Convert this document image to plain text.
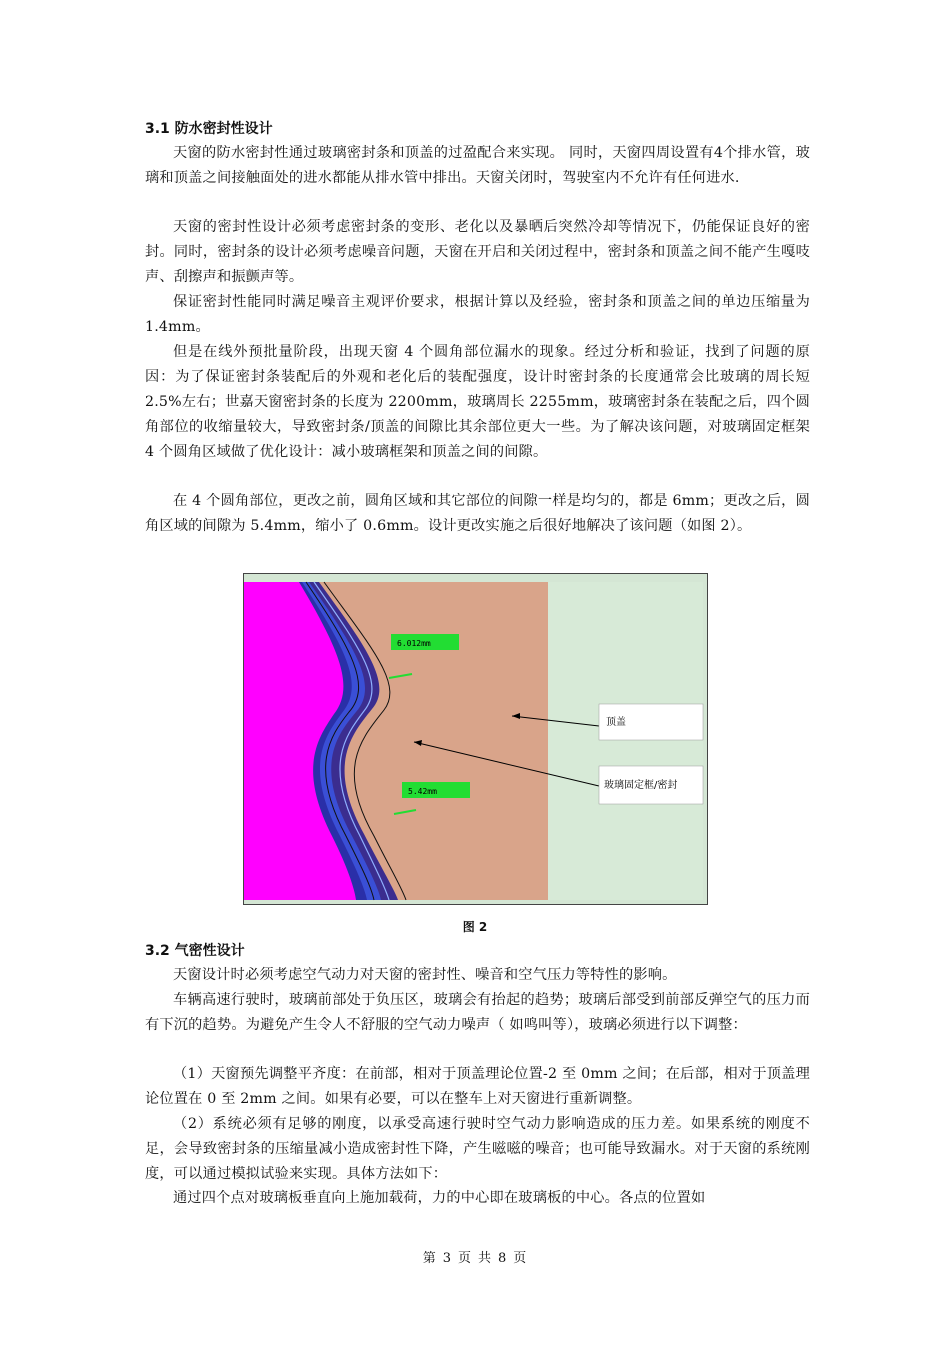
3.1 防水密封性设计
天窗的防水密封性通过玻璃密封条和顶盖的过盈配合来实现。 同时，天窗四周设置有4个排水管，玻璃和顶盖之间接触面处的进水都能从排水管中排出。天窗关闭时，驾驶室内不允许有任何进水.
天窗的密封性设计必须考虑密封条的变形、老化以及暴晒后突然冷却等情况下，仍能保证良好的密封。同时，密封条的设计必须考虑噪音问题，天窗在开启和关闭过程中，密封条和顶盖之间不能产生嘎吱声、刮擦声和振颤声等。
保证密封性能同时满足噪音主观评价要求，根据计算以及经验，密封条和顶盖之间的单边压缩量为 1.4mm。
但是在线外预批量阶段，出现天窗 4 个圆角部位漏水的现象。经过分析和验证，找到了问题的原因：为了保证密封条装配后的外观和老化后的装配强度，设计时密封条的长度通常会比玻璃的周长短 2.5%左右；世嘉天窗密封条的长度为 2200mm，玻璃周长 2255mm，玻璃密封条在装配之后，四个圆角部位的收缩量较大，导致密封条/顶盖的间隙比其余部位更大一些。为了解决该问题，对玻璃固定框架 4 个圆角区域做了优化设计：减小玻璃框架和顶盖之间的间隙。
在 4 个圆角部位，更改之前，圆角区域和其它部位的间隙一样是均匀的，都是 6mm；更改之后，圆角区域的间隙为 5.4mm，缩小了 0.6mm。设计更改实施之后很好地解决了该问题（如图 2）。
6.012mm
5.42mm
顶盖
玻璃固定框/密封
图 2
3.2 气密性设计
天窗设计时必须考虑空气动力对天窗的密封性、噪音和空气压力等特性的影响。
车辆高速行驶时，玻璃前部处于负压区，玻璃会有抬起的趋势；玻璃后部受到前部反弹空气的压力而有下沉的趋势。为避免产生令人不舒服的空气动力噪声（ 如鸣叫等），玻璃必须进行以下调整：
（1）天窗预先调整平齐度：在前部，相对于顶盖理论位置-2 至 0mm 之间；在后部，相对于顶盖理论位置在 0 至 2mm 之间。如果有必要，可以在整车上对天窗进行重新调整。
（2）系统必须有足够的刚度，以承受高速行驶时空气动力影响造成的压力差。如果系统的刚度不足，会导致密封条的压缩量减小造成密封性下降，产生嗞嗞的噪音；也可能导致漏水。对于天窗的系统刚度，可以通过模拟试验来实现。具体方法如下：
通过四个点对玻璃板垂直向上施加载荷，力的中心即在玻璃板的中心。各点的位置如
第 3 页 共 8 页
